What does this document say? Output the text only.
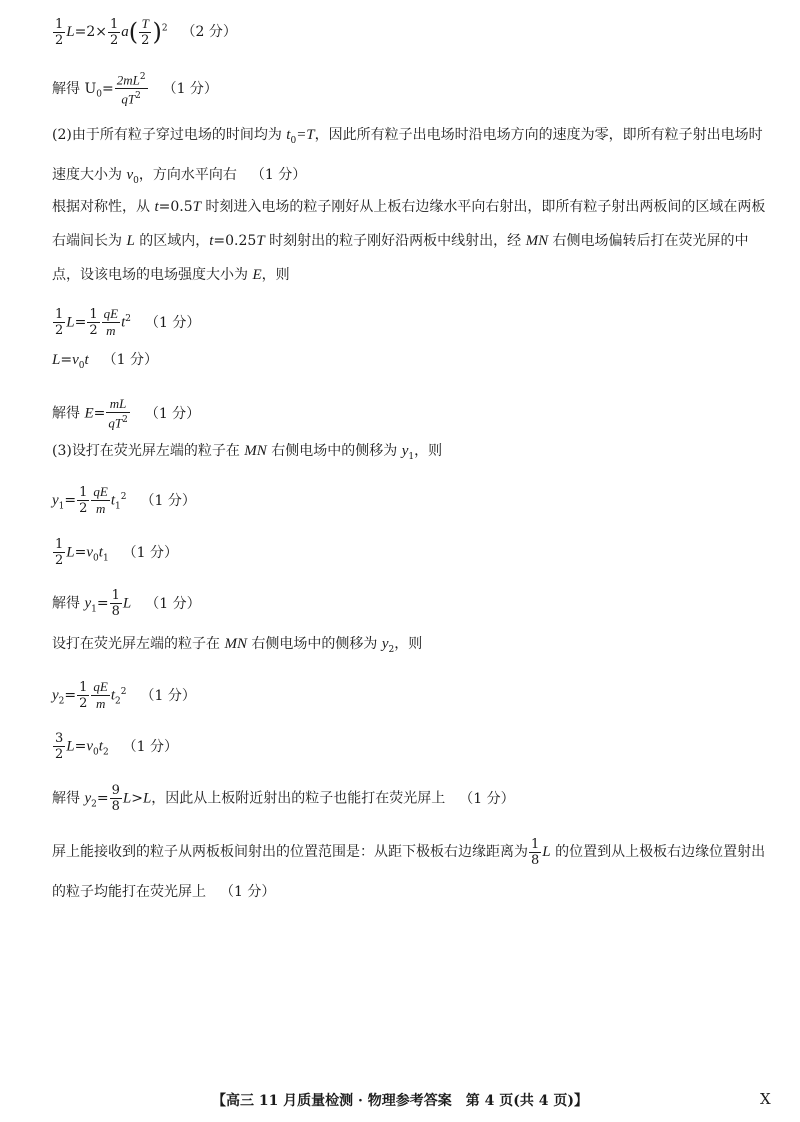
$\frac{1}{2} L=2\times \frac{1}{2} a( \frac{T}{2} )^2$ （2 分）
解得 $U_0= \frac{2mL^2}{qT^2} (1$ 分）
(2)由于所有粒子穿过电场的时间均为 $t_0=T$，因此所有粒子出电场时沿电场方向的速度为零，即所有粒子射出电场时速度大小为 $v_0$，方向水平向右 （1 分）
根据对称性，从 t=0.5T 时刻进入电场的粒子刚好从上板右边缘水平向右射出，即所有粒子射出两板间的区域在两板右端间长为 L 的区域内，t=0.25T 时刻射出的粒子刚好沿两板中线射出，经 MN 右侧电场偏转后打在荧光屏的中点，设该电场的电场强度大小为 E，则
$\frac{1}{2} L= \frac{1}{2} \frac{qE}{m} t^2$ （1 分）
$L=v_0t$ （1 分）
解得 $E= \frac{mL}{qT^2} (1$ 分）
(3)设打在荧光屏左端的粒子在 MN 右侧电场中的侧移为 $y_1$，则
$y_1= \frac{1}{2} \frac{qE}{m} t_1^2$ （1 分）
$\frac{1}{2} L=v_0t_1$ （1 分）
解得 $y_1= \frac{1}{8}$ L （1 分）
设打在荧光屏左端的粒子在 MN 右侧电场中的侧移为 $y_2$，则
$y_2= \frac{1}{2} \frac{qE}{m} t_2^2$ （1 分）
$\frac{3}{2} L=v_0t_2$ （1 分）
解得 $y_2= \frac{9}{8} L>L$，因此从上板附近射出的粒子也能打在荧光屏上 （1 分）
屏上能接收到的粒子从两板板间射出的位置范围是：从距下极板右边缘距离为 $\frac{1}{8}$ L 的位置到从上极板右边缘位置射出的粒子均能打在荧光屏上 （1 分）
【高三 11 月质量检测 · 物理参考答案　第 4 页(共 4 页)】	X
